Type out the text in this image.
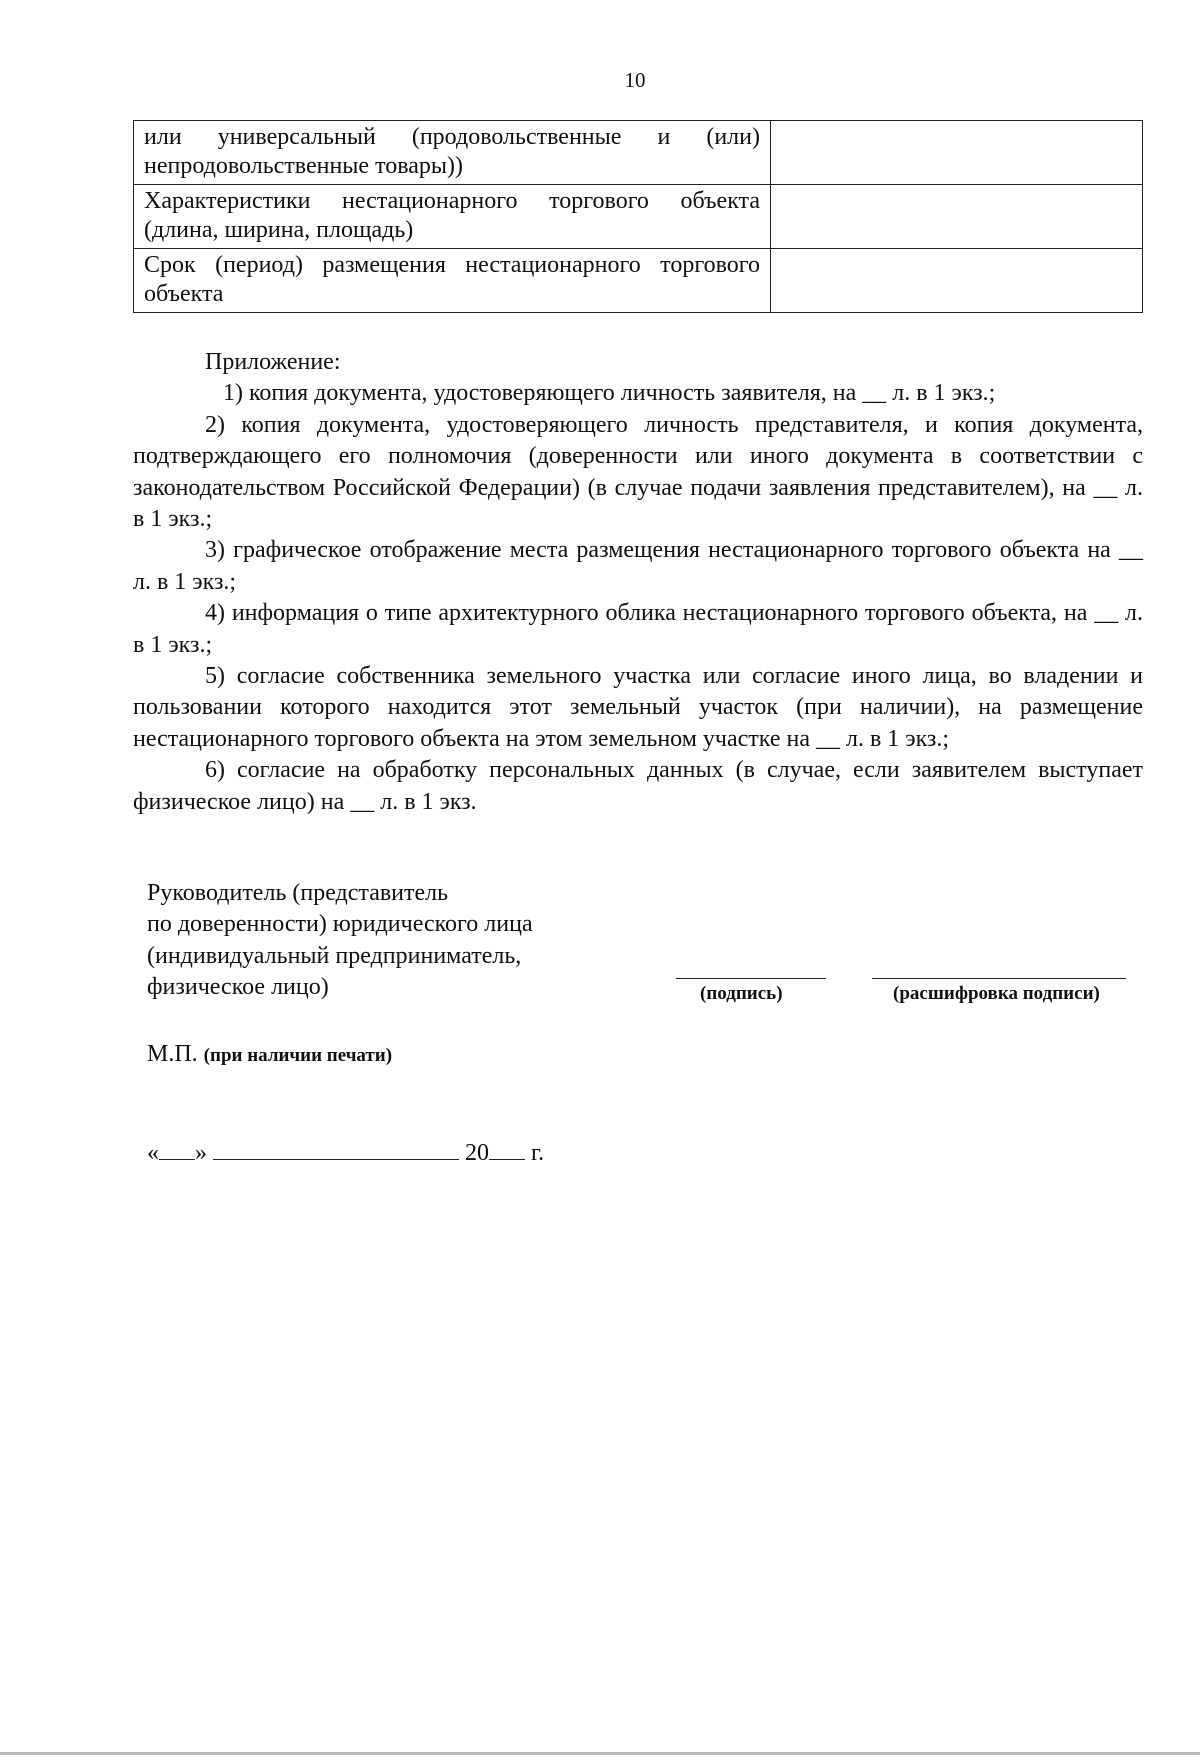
10
или универсальный (продовольственные и (или) непродовольственные товары))	
Характеристики нестационарного торгового объекта (длина, ширина, площадь)	
Срок (период) размещения нестационарного торгового объекта	
Приложение:

1) копия документа, удостоверяющего личность заявителя, на __ л. в 1 экз.;

2) копия документа, удостоверяющего личность представителя, и копия документа, подтверждающего его полномочия (доверенности или иного документа в соответствии с законодательством Российской Федерации) (в случае подачи заявления представителем), на __ л. в 1 экз.;

3) графическое отображение места размещения нестационарного торгового объекта на __ л. в 1 экз.;

4) информация о типе архитектурного облика нестационарного торгового объекта, на __ л. в 1 экз.;

5) согласие собственника земельного участка или согласие иного лица, во владении и пользовании которого находится этот земельный участок (при наличии), на размещение нестационарного торгового объекта на этом земельном участке на __ л. в 1 экз.;

6) согласие на обработку персональных данных (в случае, если заявителем выступает физическое лицо) на __ л. в 1 экз.

Руководитель (представитель
по доверенности) юридического лица
(индивидуальный предприниматель,
физическое лицо)	(подпись)	(расшифровка подписи)
М.П. (при наличии печати)
« »	20 г.
